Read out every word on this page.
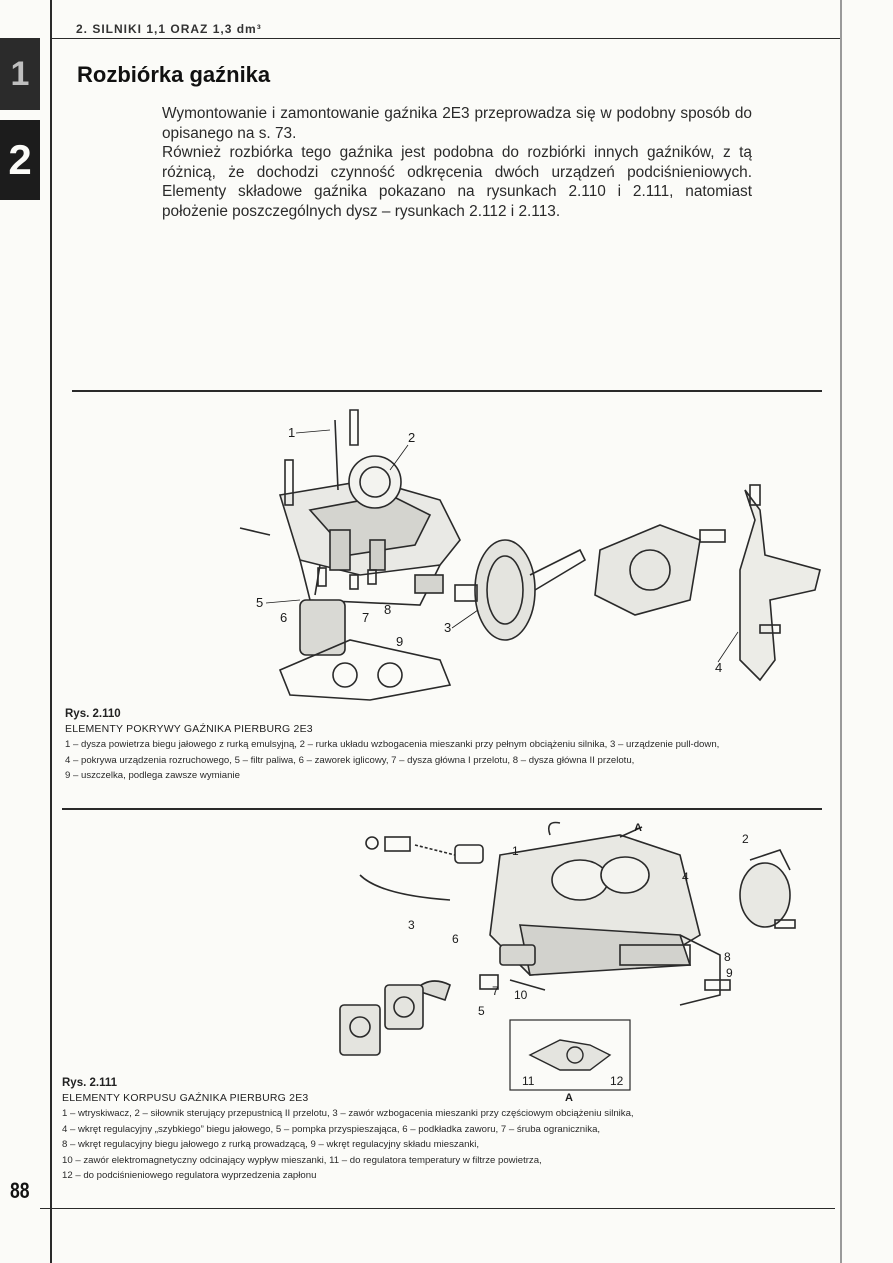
2. SILNIKI 1,1 ORAZ 1,3 dm³
1
2
Rozbiórka gaźnika

Wymontowanie i zamontowanie gaźnika 2E3 przeprowadza się w podobny sposób do opisanego na s. 73.

Również rozbiórka tego gaźnika jest podobna do rozbiórki innych gaźników, z tą różnicą, że dochodzi czynność odkręcenia dwóch urządzeń podciśnieniowych. Elementy składowe gaźnika pokazano na rysunkach 2.110 i 2.111, natomiast położenie poszczególnych dysz – rysunkach 2.112 i 2.113.

1	2
3
4
5
6	7
8
9
Rys. 2.110
ELEMENTY POKRYWY GAŹNIKA PIERBURG 2E3
1 – dysza powietrza biegu jałowego z rurką emulsyjną, 2 – rurka układu wzbogacenia mieszanki przy pełnym obciążeniu silnika, 3 – urządzenie pull-down,
4 – pokrywa urządzenia rozruchowego, 5 – filtr paliwa, 6 – zaworek iglicowy, 7 – dysza główna I przelotu, 8 – dysza główna II przelotu,
9 – uszczelka, podlega zawsze wymianie
1
2
3
4
5
6
7
8
9
10
11	12
A
A
Rys. 2.111
ELEMENTY KORPUSU GAŹNIKA PIERBURG 2E3
1 – wtryskiwacz, 2 – siłownik sterujący przepustnicą II przelotu, 3 – zawór wzbogacenia mieszanki przy częściowym obciążeniu silnika,
4 – wkręt regulacyjny „szybkiego” biegu jałowego, 5 – pompka przyspieszająca, 6 – podkładka zaworu, 7 – śruba ogranicznika,
8 – wkręt regulacyjny biegu jałowego z rurką prowadzącą, 9 – wkręt regulacyjny składu mieszanki,
10 – zawór elektromagnetyczny odcinający wypływ mieszanki, 11 – do regulatora temperatury w filtrze powietrza,
12 – do podciśnieniowego regulatora wyprzedzenia zapłonu
88
